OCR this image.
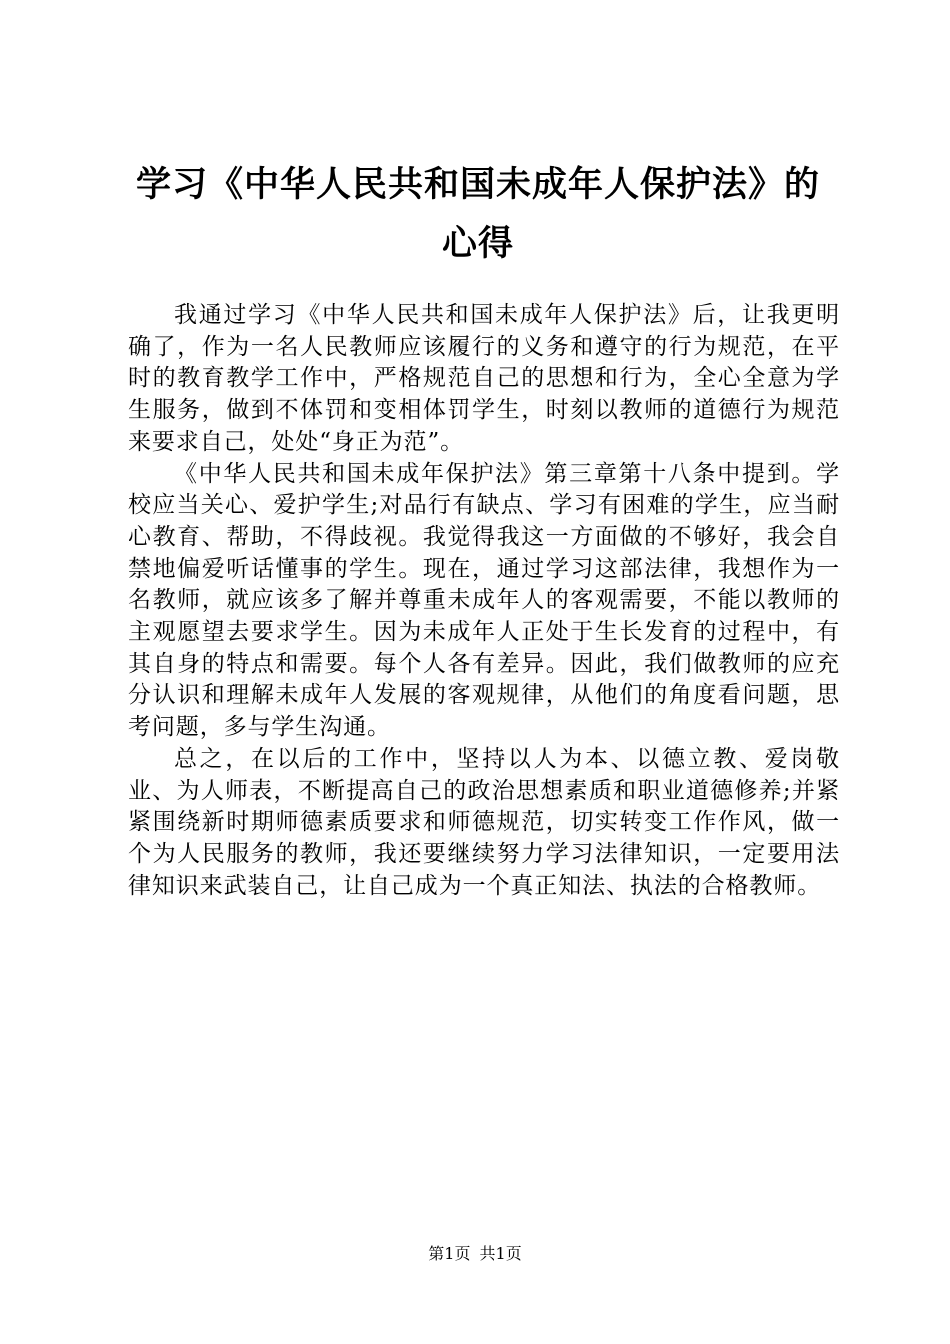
学习《中华人民共和国未成年人保护法》的心得

我通过学习《中华人民共和国未成年人保护法》后，让我更明确了，作为一名人民教师应该履行的义务和遵守的行为规范，在平时的教育教学工作中，严格规范自己的思想和行为，全心全意为学生服务，做到不体罚和变相体罚学生，时刻以教师的道德行为规范来要求自己，处处“身正为范”。

《中华人民共和国未成年保护法》第三章第十八条中提到。学校应当关心、爱护学生;对品行有缺点、学习有困难的学生，应当耐心教育、帮助，不得歧视。我觉得我这一方面做的不够好，我会自禁地偏爱听话懂事的学生。现在，通过学习这部法律，我想作为一名教师，就应该多了解并尊重未成年人的客观需要，不能以教师的主观愿望去要求学生。因为未成年人正处于生长发育的过程中，有其自身的特点和需要。每个人各有差异。因此，我们做教师的应充分认识和理解未成年人发展的客观规律，从他们的角度看问题，思考问题，多与学生沟通。

总之，在以后的工作中，坚持以人为本、以德立教、爱岗敬业、为人师表，不断提高自己的政治思想素质和职业道德修养;并紧紧围绕新时期师德素质要求和师德规范，切实转变工作作风，做一个为人民服务的教师，我还要继续努力学习法律知识，一定要用法律知识来武装自己，让自己成为一个真正知法、执法的合格教师。

第1页 共1页
